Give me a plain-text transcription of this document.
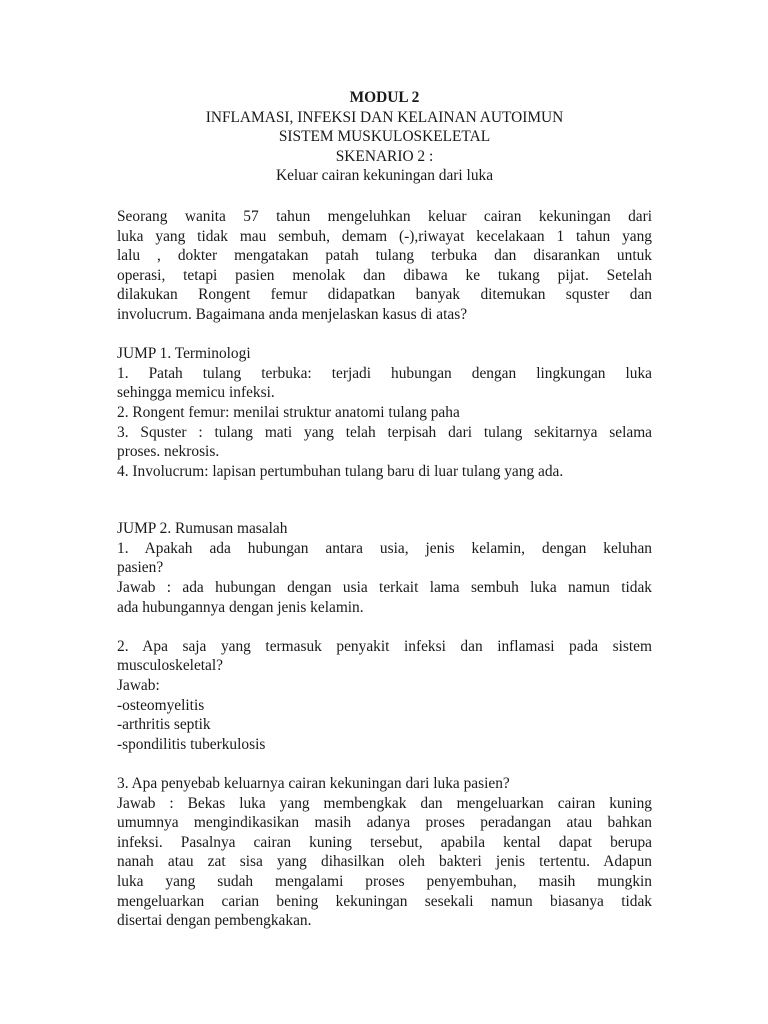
MODUL 2
INFLAMASI, INFEKSI DAN KELAINAN AUTOIMUN
SISTEM MUSKULOSKELETAL
SKENARIO 2 :
Keluar cairan kekuningan dari luka
Seorang wanita 57 tahun mengeluhkan keluar cairan kekuningan dari
luka yang tidak mau sembuh, demam (-),riwayat kecelakaan 1 tahun yang
lalu , dokter mengatakan patah tulang terbuka dan disarankan untuk
operasi, tetapi pasien menolak dan dibawa ke tukang pijat. Setelah
dilakukan Rongent femur didapatkan banyak ditemukan squster dan
involucrum. Bagaimana anda menjelaskan kasus di atas?
JUMP 1. Terminologi
1. Patah tulang terbuka: terjadi hubungan dengan lingkungan luka
sehingga memicu infeksi.
2. Rongent femur: menilai struktur anatomi tulang paha
3. Squster : tulang mati yang telah terpisah dari tulang sekitarnya selama
proses. nekrosis.
4. Involucrum: lapisan pertumbuhan tulang baru di luar tulang yang ada.
JUMP 2. Rumusan masalah
1. Apakah ada hubungan antara usia, jenis kelamin, dengan keluhan
pasien?
Jawab : ada hubungan dengan usia terkait lama sembuh luka namun tidak
ada hubungannya dengan jenis kelamin.
2. Apa saja yang termasuk penyakit infeksi dan inflamasi pada sistem
musculoskeletal?
Jawab:
-osteomyelitis
-arthritis septik
-spondilitis tuberkulosis
3. Apa penyebab keluarnya cairan kekuningan dari luka pasien?
Jawab : Bekas luka yang membengkak dan mengeluarkan cairan kuning
umumnya mengindikasikan masih adanya proses peradangan atau bahkan
infeksi. Pasalnya cairan kuning tersebut, apabila kental dapat berupa
nanah atau zat sisa yang dihasilkan oleh bakteri jenis tertentu. Adapun
luka yang sudah mengalami proses penyembuhan, masih mungkin
mengeluarkan carian bening kekuningan sesekali namun biasanya tidak
disertai dengan pembengkakan.
